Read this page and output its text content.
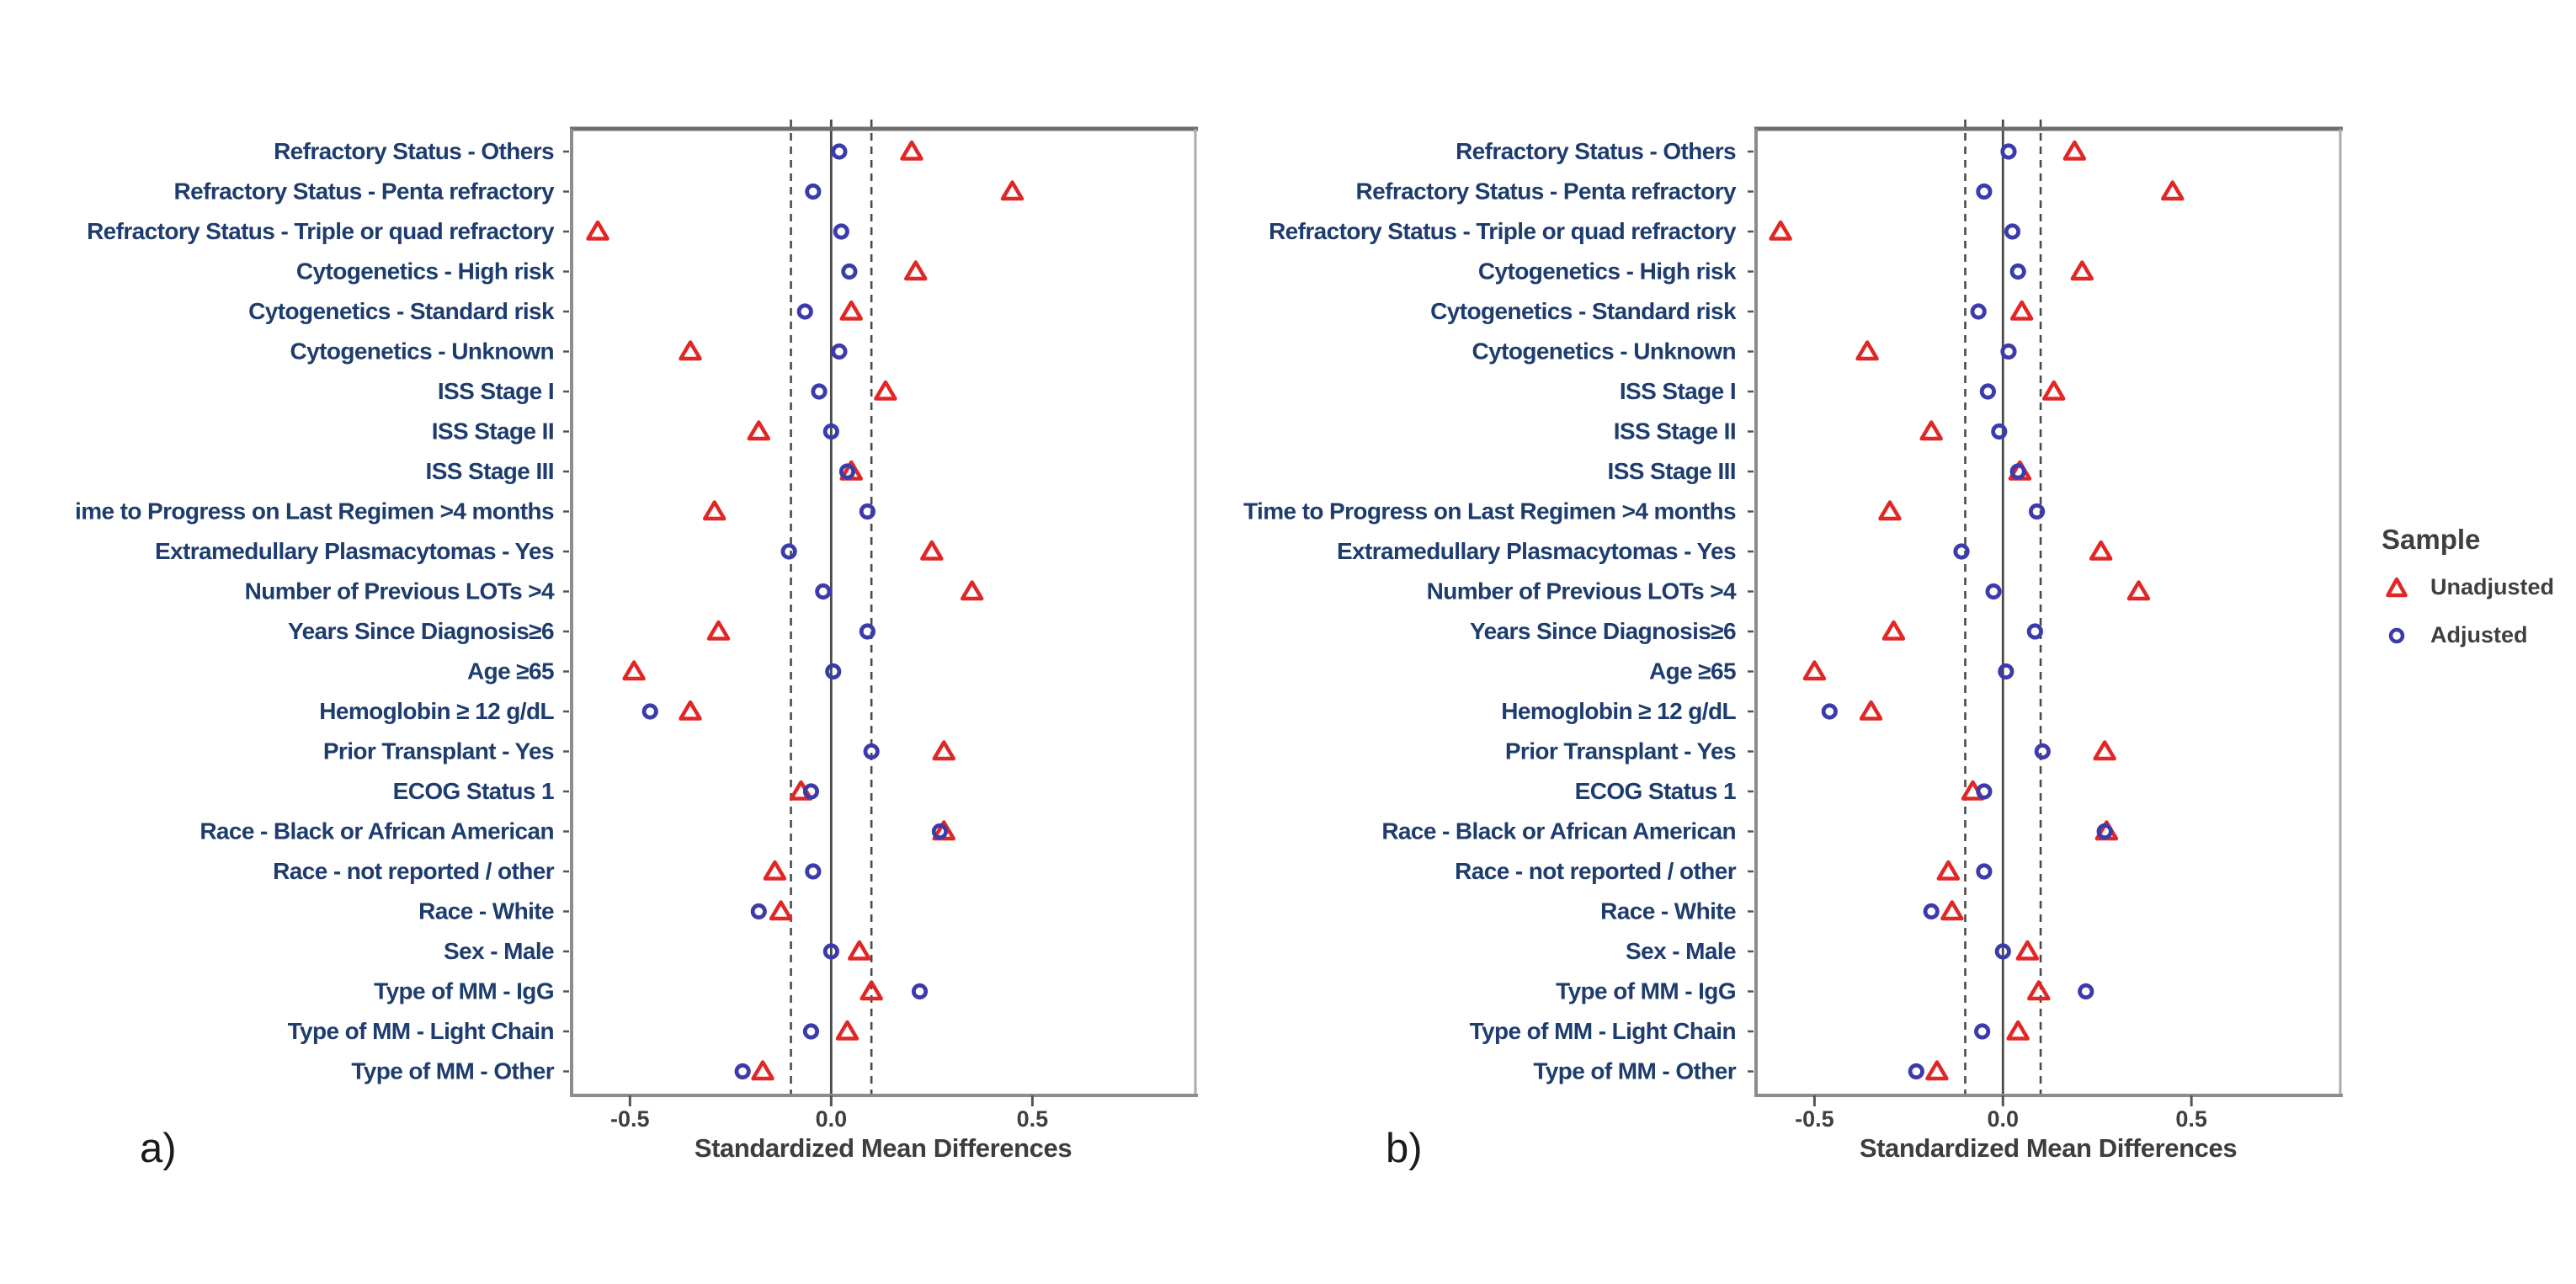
Refractory Status - Others
Refractory Status - Penta refractory
Refractory Status - Triple or quad refractory
Cytogenetics - High risk
Cytogenetics - Standard risk
Cytogenetics - Unknown
ISS Stage I
ISS Stage II
ISS Stage III
ime to Progress on Last Regimen >4 months
Extramedullary Plasmacytomas - Yes
Number of Previous LOTs >4
Years Since Diagnosis≥6
Age ≥65
Hemoglobin ≥ 12 g/dL
Prior Transplant - Yes
ECOG Status 1
Race - Black or African American
Race - not reported / other
Race - White
Sex - Male
Type of MM - IgG
Type of MM - Light Chain
Type of MM - Other
-0.5	0.0	0.5
Refractory Status - Others
Refractory Status - Penta refractory
Refractory Status - Triple or quad refractory
Cytogenetics - High risk
Cytogenetics - Standard risk
Cytogenetics - Unknown
ISS Stage I
ISS Stage II
ISS Stage III
Time to Progress on Last Regimen >4 months
Extramedullary Plasmacytomas - Yes
Number of Previous LOTs >4
Years Since Diagnosis≥6
Age ≥65
Hemoglobin ≥ 12 g/dL
Prior Transplant - Yes
ECOG Status 1
Race - Black or African American
Race - not reported / other
Race - White
Sex - Male
Type of MM - IgG
Type of MM - Light Chain
Type of MM - Other
-0.5	0.0	0.5
a)	b)
Standardized Mean Differences	Standardized Mean Differences
Sample
Unadjusted
Adjusted
